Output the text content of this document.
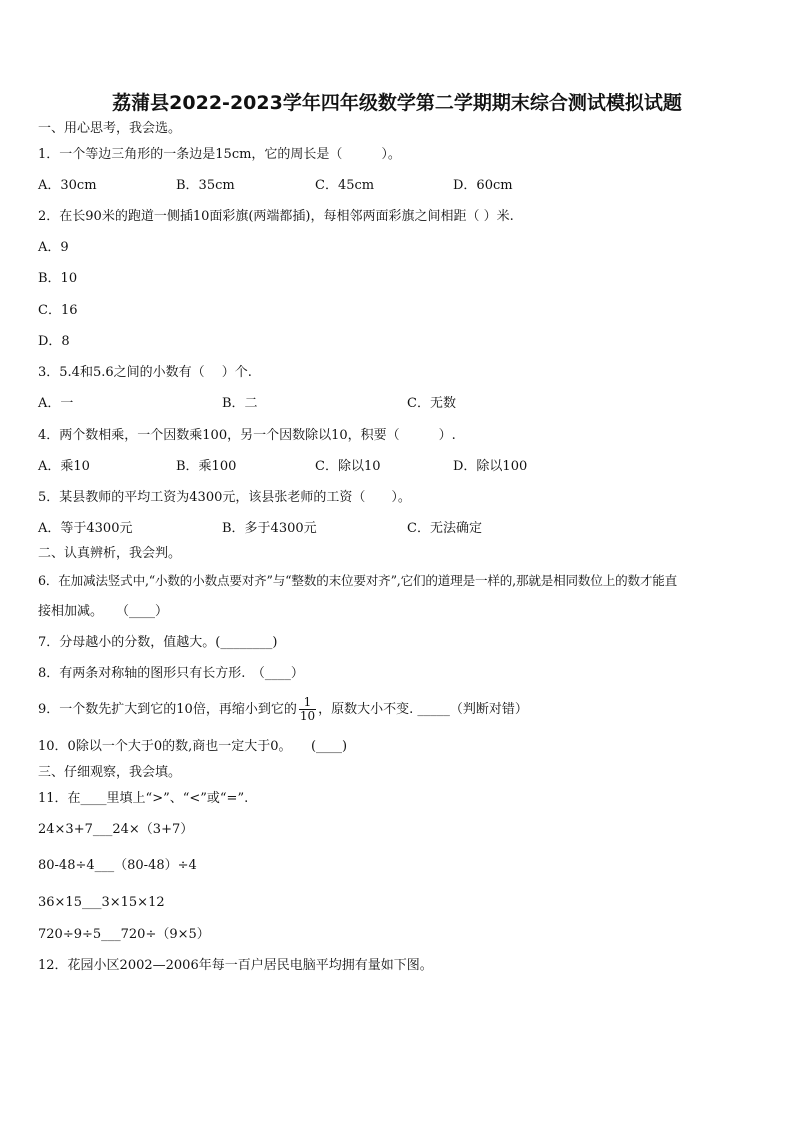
荔蒲县2022-2023学年四年级数学第二学期期末综合测试模拟试题
一、用心思考，我会选。
1．一个等边三角形的一条边是15cm，它的周长是（　　　）。
A．30cm	B．35cm	C．45cm	D．60cm
2．在长90米的跑道一侧插10面彩旗(两端都插)，每相邻两面彩旗之间相距（ ）米.
A．9
B．10
C．16
D．8
3．5.4和5.6之间的小数有（　 ）个.
A．一	B．二	C．无数
4．两个数相乘，一个因数乘100，另一个因数除以10，积要（　　　）.
A．乘10	B．乘100	C．除以10	D．除以100
5．某县教师的平均工资为4300元，该县张老师的工资（　　）。
A．等于4300元	B．多于4300元	C．无法确定
二、认真辨析，我会判。
6．在加减法竖式中,“小数的小数点要对齐”与“整数的末位要对齐”,它们的道理是一样的,那就是相同数位上的数才能直
接相加减。　　（____）
7．分母越小的分数，值越大。(________)
8．有两条对称轴的图形只有长方形.　（____）
9．一个数先扩大到它的10倍，再缩小到它的 $\frac{1}{10}$ ，原数大小不变. _____（判断对错）
10．0除以一个大于0的数,商也一定大于0。　　(____)
三、仔细观察，我会填。
11．在____里填上“>”、“<”或“=”.
24×3+7___24×（3+7）
80-48÷4___（80-48）÷4
36×15___3×15×12
720÷9÷5___720÷（9×5）
12．花园小区2002—2006年每一百户居民电脑平均拥有量如下图。
